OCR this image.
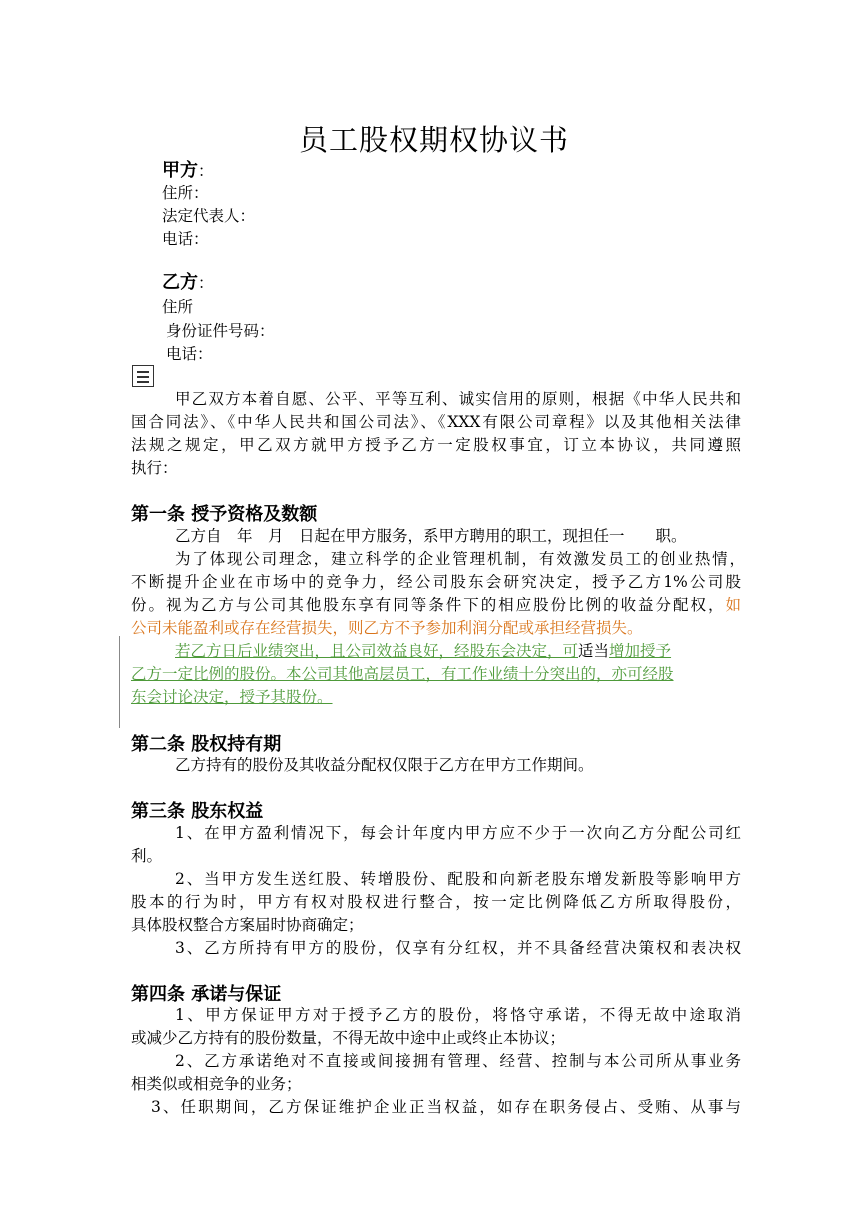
员工股权期权协议书
甲方：
住所：
法定代表人：
电话：
乙方：
住所
身份证件号码：
电话：
甲乙双方本着自愿、公平、平等互利、诚实信用的原则，根据《中华人民共和
国合同法》、《中华人民共和国公司法》、《XXX有限公司章程》以及其他相关法律
法规之规定，甲乙双方就甲方授予乙方一定股权事宜，订立本协议，共同遵照
执行：
第一条 授予资格及数额
乙方自　年　月　日起在甲方服务，系甲方聘用的职工，现担任一　　职。
为了体现公司理念，建立科学的企业管理机制，有效激发员工的创业热情，
不断提升企业在市场中的竞争力，经公司股东会研究决定，授予乙方1%公司股
份。视为乙方与公司其他股东享有同等条件下的相应股份比例的收益分配权，如
公司未能盈利或存在经营损失，则乙方不予参加利润分配或承担经营损失。
若乙方日后业绩突出，且公司效益良好，经股东会决定，可适当增加授予
乙方一定比例的股份。本公司其他高层员工，有工作业绩十分突出的，亦可经股
东会讨论决定，授予其股份。
第二条 股权持有期
乙方持有的股份及其收益分配权仅限于乙方在甲方工作期间。
第三条 股东权益
1、在甲方盈利情况下，每会计年度内甲方应不少于一次向乙方分配公司红
利。
2、当甲方发生送红股、转增股份、配股和向新老股东增发新股等影响甲方
股本的行为时，甲方有权对股权进行整合，按一定比例降低乙方所取得股份，
具体股权整合方案届时协商确定；
3、乙方所持有甲方的股份，仅享有分红权，并不具备经营决策权和表决权
第四条 承诺与保证
1、甲方保证甲方对于授予乙方的股份，将恪守承诺，不得无故中途取消
或减少乙方持有的股份数量，不得无故中途中止或终止本协议；
2、乙方承诺绝对不直接或间接拥有管理、经营、控制与本公司所从事业务
相类似或相竞争的业务；
3、任职期间，乙方保证维护企业正当权益，如存在职务侵占、受贿、从事与
